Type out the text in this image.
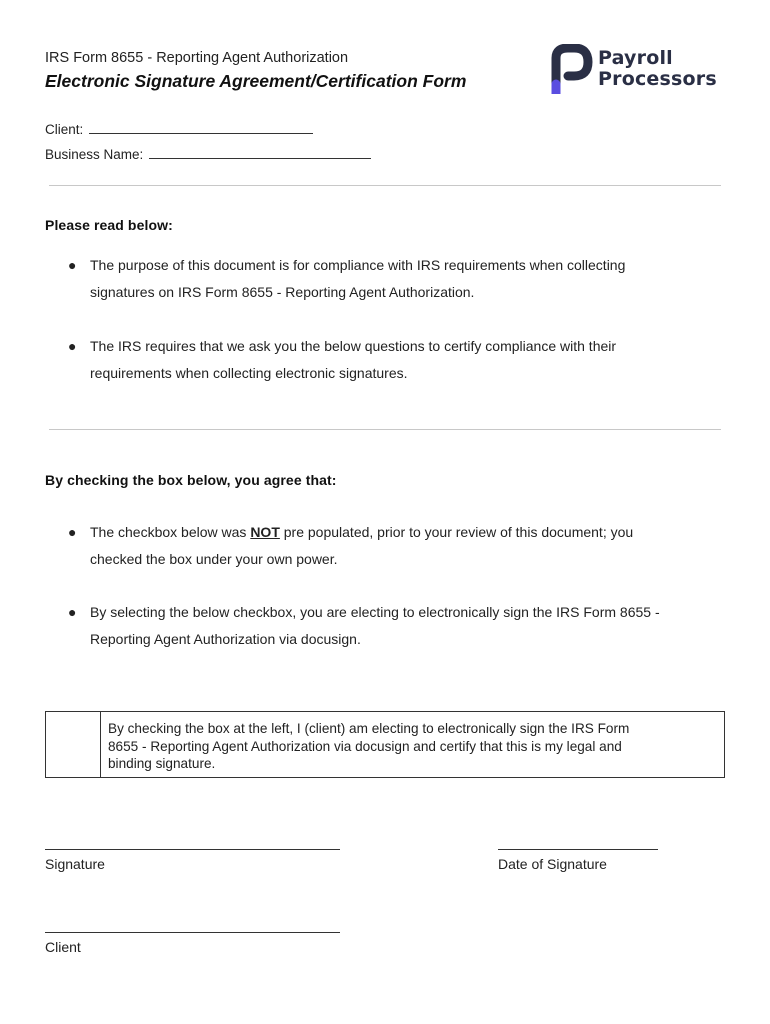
IRS Form 8655 - Reporting Agent Authorization
Electronic Signature Agreement/Certification Form
Payroll
Processors
Client:
Business Name:
Please read below:
● The purpose of this document is for compliance with IRS requirements when collecting
signatures on IRS Form 8655 - Reporting Agent Authorization.
● The IRS requires that we ask you the below questions to certify compliance with their
requirements when collecting electronic signatures.
By checking the box below, you agree that:
● The checkbox below was NOT pre populated, prior to your review of this document; you
checked the box under your own power.
● By selecting the below checkbox, you are electing to electronically sign the IRS Form 8655 -
Reporting Agent Authorization via docusign.
By checking the box at the left, I (client) am electing to electronically sign the IRS Form
8655 - Reporting Agent Authorization via docusign and certify that this is my legal and
binding signature.
Signature	Date of Signature
Client
